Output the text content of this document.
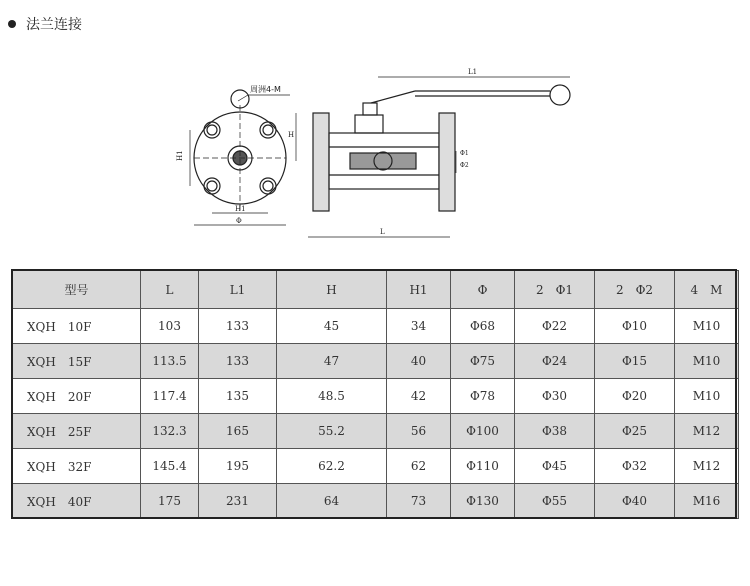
法兰连接
周洲4-M
H1
H1
Φ
L1
H
L
Φ1
Φ2
型号	L	L1	H	H1	Φ	2　Φ1	2　Φ2	4　M
XQH　10F	103	133	45	34	Φ68	Φ22	Φ10	M10
XQH　15F	113.5	133	47	40	Φ75	Φ24	Φ15	M10
XQH　20F	117.4	135	48.5	42	Φ78	Φ30	Φ20	M10
XQH　25F	132.3	165	55.2	56	Φ100	Φ38	Φ25	M12
XQH　32F	145.4	195	62.2	62	Φ110	Φ45	Φ32	M12
XQH　40F	175	231	64	73	Φ130	Φ55	Φ40	M16
